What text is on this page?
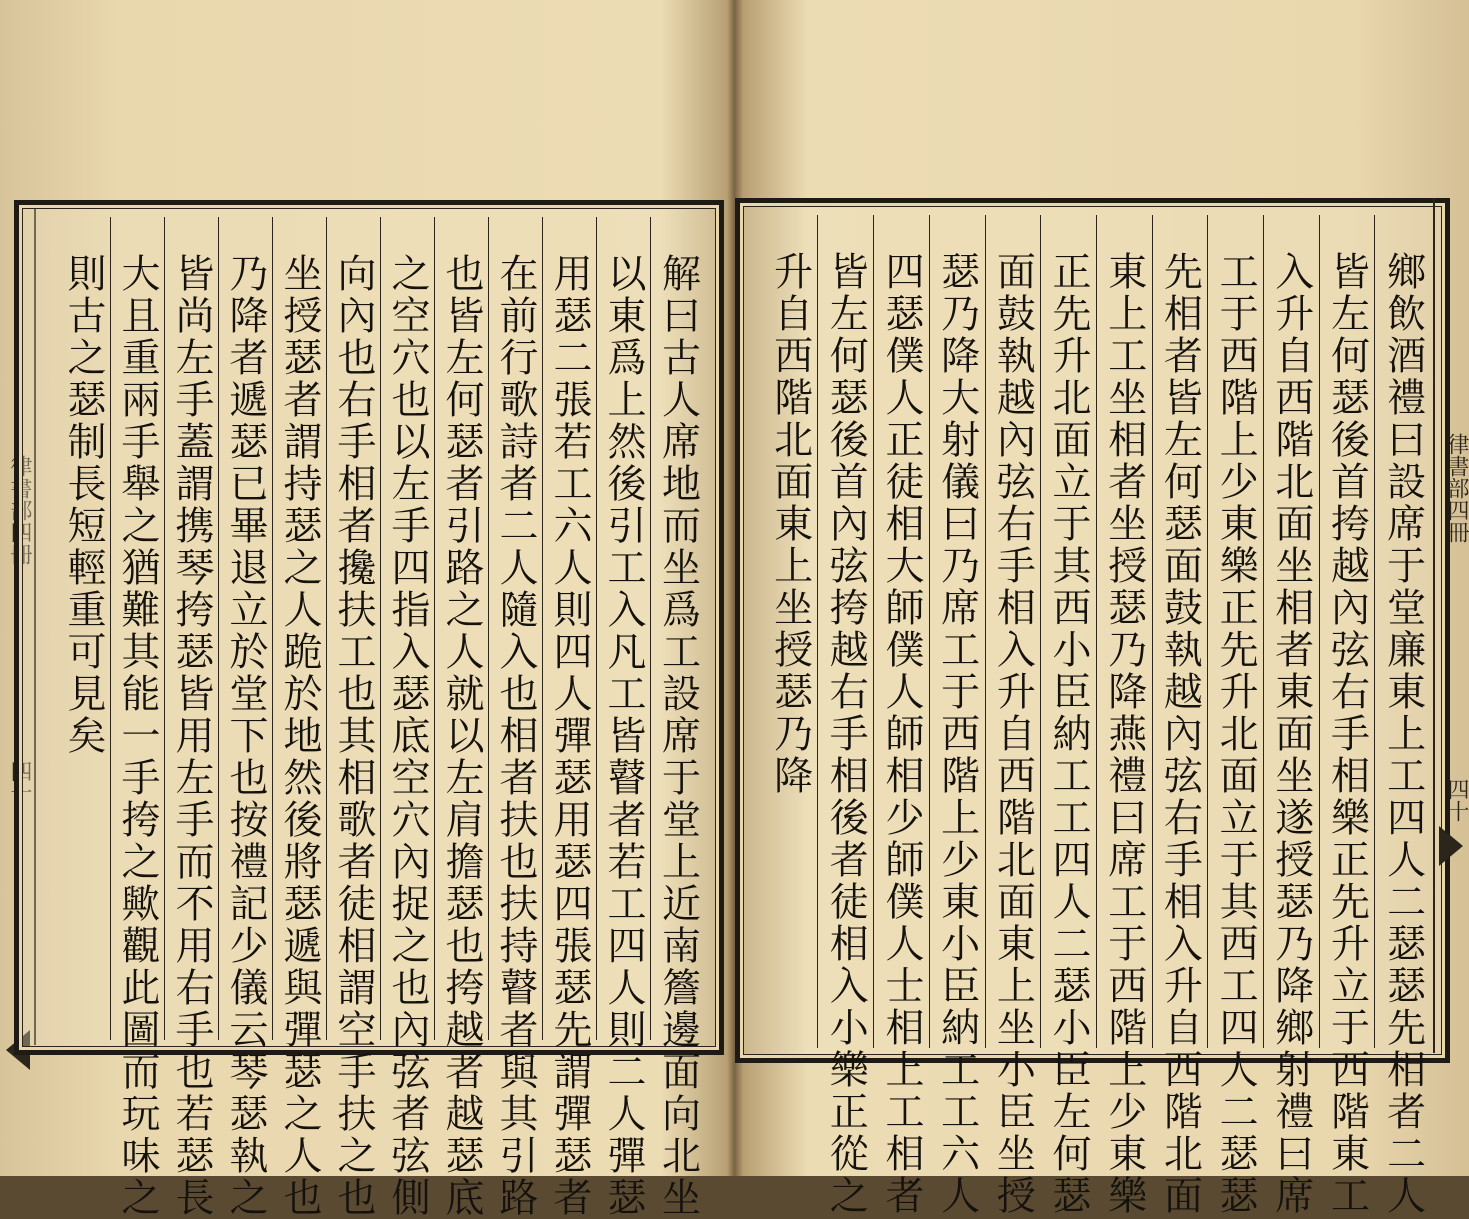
律書部四冊
四十	解曰古人席地而坐爲工設席于堂上近南簷邊面向北坐
以東爲上然後引工入凡工皆瞽者若工四人則二人彈瑟
用瑟二張若工六人則四人彈瑟用瑟四張瑟先謂彈瑟者
在前行歌詩者二人隨入也相者扶也扶持瞽者與其引路
也皆左何瑟者引路之人就以左肩擔瑟也挎越者越瑟底
之空穴也以左手四指入瑟底空穴內捉之也內弦者弦側
向內也右手相者攙扶工也其相歌者徒相謂空手扶之也
坐授瑟者謂持瑟之人跪於地然後將瑟遞與彈瑟之人也
乃降者遞瑟已畢退立於堂下也按禮記少儀云琴瑟執之
皆尚左手蓋謂携琴挎瑟皆用左手而不用右手也若瑟長
大且重兩手舉之猶難其能一手挎之歟觀此圖而玩味之
則古之瑟制長短輕重可見矣	鄉飲酒禮曰設席于堂廉東上工四人二瑟瑟先相者二人
皆左何瑟後首挎越內弦右手相樂正先升立于西階東工
入升自西階北面坐相者東面坐遂授瑟乃降鄉射禮曰席
工于西階上少東樂正先升北面立于其西工四人二瑟瑟
先相者皆左何瑟面鼓執越內弦右手相入升自西階北面
東上工坐相者坐授瑟乃降燕禮曰席工于西階上少東樂
正先升北面立于其西小臣納工工四人二瑟小臣左何瑟
面鼓執越內弦右手相入升自西階北面東上坐小臣坐授
瑟乃降大射儀曰乃席工于西階上少東小臣納工工六人
四瑟僕人正徒相大師僕人師相少師僕人士相上工相者
皆左何瑟後首內弦挎越右手相後者徒相入小樂正從之
升自西階北面東上坐授瑟乃降	律書部四冊
四十
